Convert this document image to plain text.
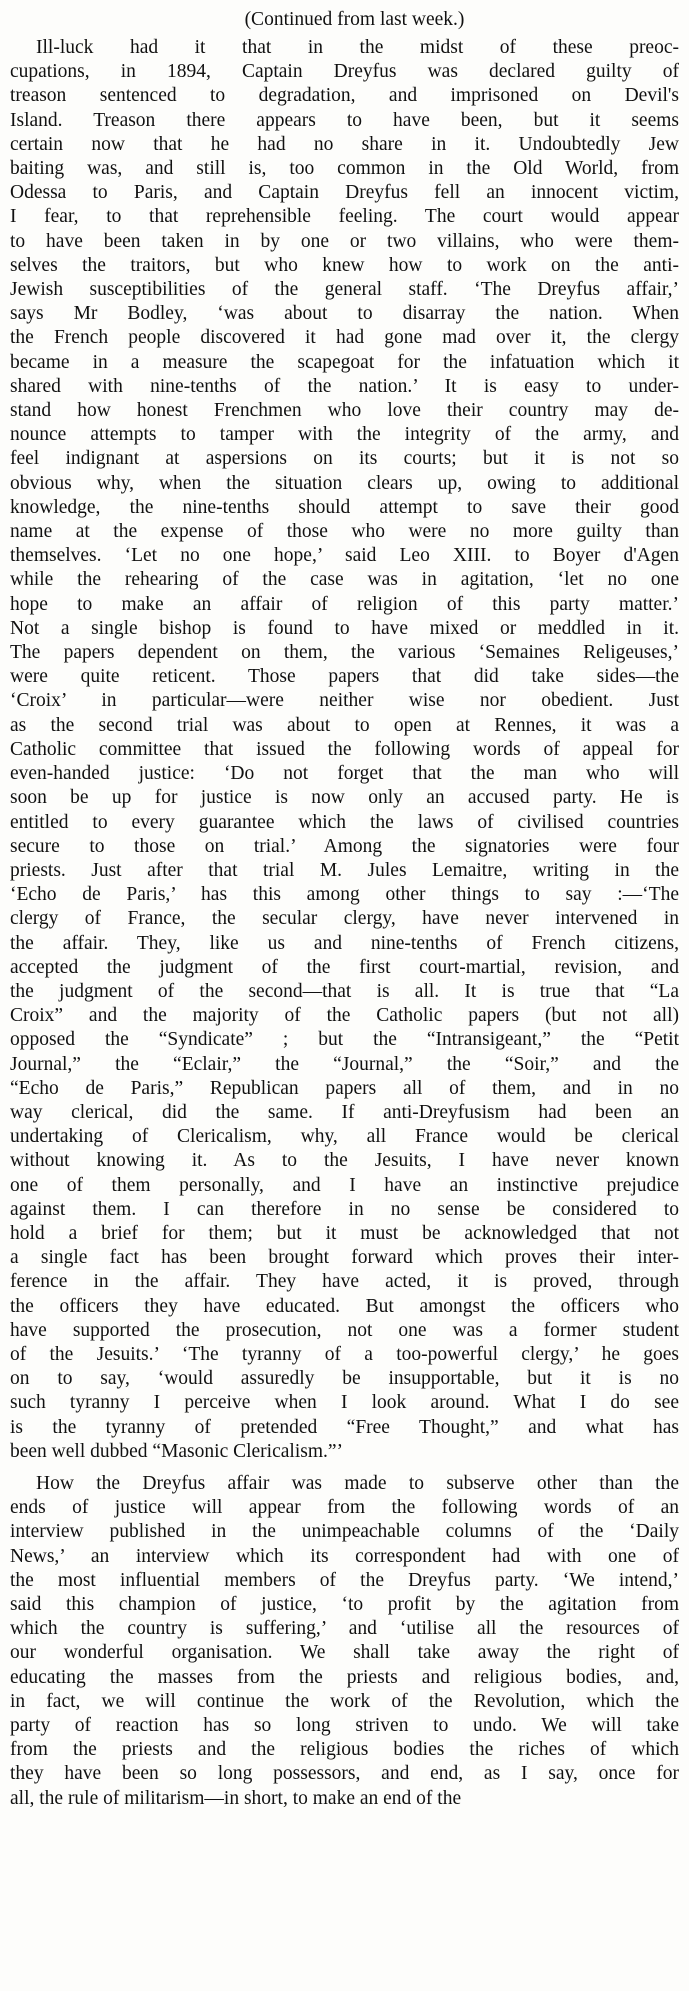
(Continued from last week.)
Ill-luck had it that in the midst of these preoc-
cupations, in 1894, Captain Dreyfus was declared guilty of
treason sentenced to degradation, and imprisoned on Devil's
Island. Treason there appears to have been, but it seems
certain now that he had no share in it. Undoubtedly Jew
baiting was, and still is, too common in the Old World, from
Odessa to Paris, and Captain Dreyfus fell an innocent victim,
I fear, to that reprehensible feeling. The court would appear
to have been taken in by one or two villains, who were them-
selves the traitors, but who knew how to work on the anti-
Jewish susceptibilities of the general staff. ‘The Dreyfus affair,’
says Mr Bodley, ‘was about to disarray the nation. When
the French people discovered it had gone mad over it, the clergy
became in a measure the scapegoat for the infatuation which it
shared with nine-tenths of the nation.’ It is easy to under-
stand how honest Frenchmen who love their country may de-
nounce attempts to tamper with the integrity of the army, and
feel indignant at aspersions on its courts; but it is not so
obvious why, when the situation clears up, owing to additional
knowledge, the nine-tenths should attempt to save their good
name at the expense of those who were no more guilty than
themselves. ‘Let no one hope,’ said Leo XIII. to Boyer d'Agen
while the rehearing of the case was in agitation, ‘let no one
hope to make an affair of religion of this party matter.’
Not a single bishop is found to have mixed or meddled in it.
The papers dependent on them, the various ‘Semaines Religeuses,’
were quite reticent. Those papers that did take sides—the
‘Croix’ in particular—were neither wise nor obedient. Just
as the second trial was about to open at Rennes, it was a
Catholic committee that issued the following words of appeal for
even-handed justice: ‘Do not forget that the man who will
soon be up for justice is now only an accused party. He is
entitled to every guarantee which the laws of civilised countries
secure to those on trial.’ Among the signatories were four
priests. Just after that trial M. Jules Lemaitre, writing in the
‘Echo de Paris,’ has this among other things to say :—‘The
clergy of France, the secular clergy, have never intervened in
the affair. They, like us and nine-tenths of French citizens,
accepted the judgment of the first court-martial, revision, and
the judgment of the second—that is all. It is true that “La
Croix” and the majority of the Catholic papers (but not all)
opposed the “Syndicate” ; but the “Intransigeant,” the “Petit
Journal,” the “Eclair,” the “Journal,” the “Soir,” and the
“Echo de Paris,” Republican papers all of them, and in no
way clerical, did the same. If anti-Dreyfusism had been an
undertaking of Clericalism, why, all France would be clerical
without knowing it. As to the Jesuits, I have never known
one of them personally, and I have an instinctive prejudice
against them. I can therefore in no sense be considered to
hold a brief for them; but it must be acknowledged that not
a single fact has been brought forward which proves their inter-
ference in the affair. They have acted, it is proved, through
the officers they have educated. But amongst the officers who
have supported the prosecution, not one was a former student
of the Jesuits.’ ‘The tyranny of a too-powerful clergy,’ he goes
on to say, ‘would assuredly be insupportable, but it is no
such tyranny I perceive when I look around. What I do see
is the tyranny of pretended “Free Thought,” and what has
been well dubbed “Masonic Clericalism.”’
How the Dreyfus affair was made to subserve other than the
ends of justice will appear from the following words of an
interview published in the unimpeachable columns of the ‘Daily
News,’ an interview which its correspondent had with one of
the most influential members of the Dreyfus party. ‘We intend,’
said this champion of justice, ‘to profit by the agitation from
which the country is suffering,’ and ‘utilise all the resources of
our wonderful organisation. We shall take away the right of
educating the masses from the priests and religious bodies, and,
in fact, we will continue the work of the Revolution, which the
party of reaction has so long striven to undo. We will take
from the priests and the religious bodies the riches of which
they have been so long possessors, and end, as I say, once for
all, the rule of militarism—in short, to make an end of the
